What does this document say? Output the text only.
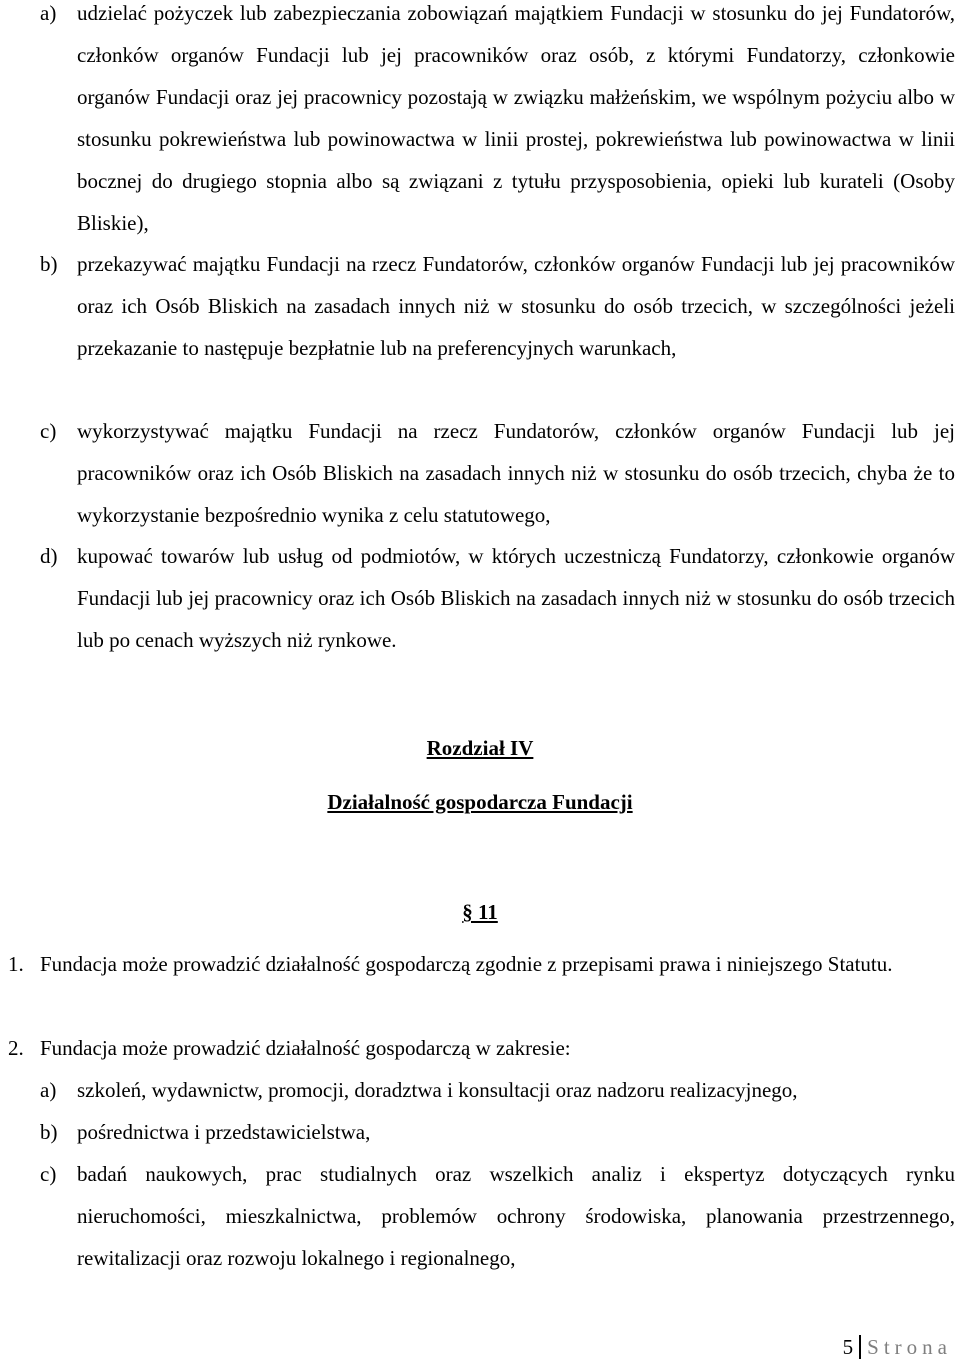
a) udzielać pożyczek lub zabezpieczania zobowiązań majątkiem Fundacji w stosunku do jej Fundatorów, członków organów Fundacji lub jej pracowników oraz osób, z którymi Fundatorzy, członkowie organów Fundacji oraz jej pracownicy pozostają w związku małżeńskim, we wspólnym pożyciu albo w stosunku pokrewieństwa lub powinowactwa w linii prostej, pokrewieństwa lub powinowactwa w linii bocznej do drugiego stopnia albo są związani z tytułu przysposobienia, opieki lub kurateli (Osoby Bliskie),
b) przekazywać majątku Fundacji na rzecz Fundatorów, członków organów Fundacji lub jej pracowników oraz ich Osób Bliskich na zasadach innych niż w stosunku do osób trzecich, w szczególności jeżeli przekazanie to następuje bezpłatnie lub na preferencyjnych warunkach,
c) wykorzystywać majątku Fundacji na rzecz Fundatorów, członków organów Fundacji lub jej pracowników oraz ich Osób Bliskich na zasadach innych niż w stosunku do osób trzecich, chyba że to wykorzystanie bezpośrednio wynika z celu statutowego,
d) kupować towarów lub usług od podmiotów, w których uczestniczą Fundatorzy, członkowie organów Fundacji lub jej pracownicy oraz ich Osób Bliskich na zasadach innych niż w stosunku do osób trzecich lub po cenach wyższych niż rynkowe.
Rozdział IV
Działalność gospodarcza Fundacji
§ 11
1. Fundacja może prowadzić działalność gospodarczą zgodnie z przepisami prawa i niniejszego Statutu.
2. Fundacja może prowadzić działalność gospodarczą w zakresie:
a) szkoleń, wydawnictw, promocji, doradztwa i konsultacji oraz nadzoru realizacyjnego,
b) pośrednictwa i przedstawicielstwa,
c) badań naukowych, prac studialnych oraz wszelkich analiz i ekspertyz dotyczących rynku nieruchomości, mieszkalnictwa, problemów ochrony środowiska, planowania przestrzennego, rewitalizacji oraz rozwoju lokalnego i regionalnego,
5 Strona
